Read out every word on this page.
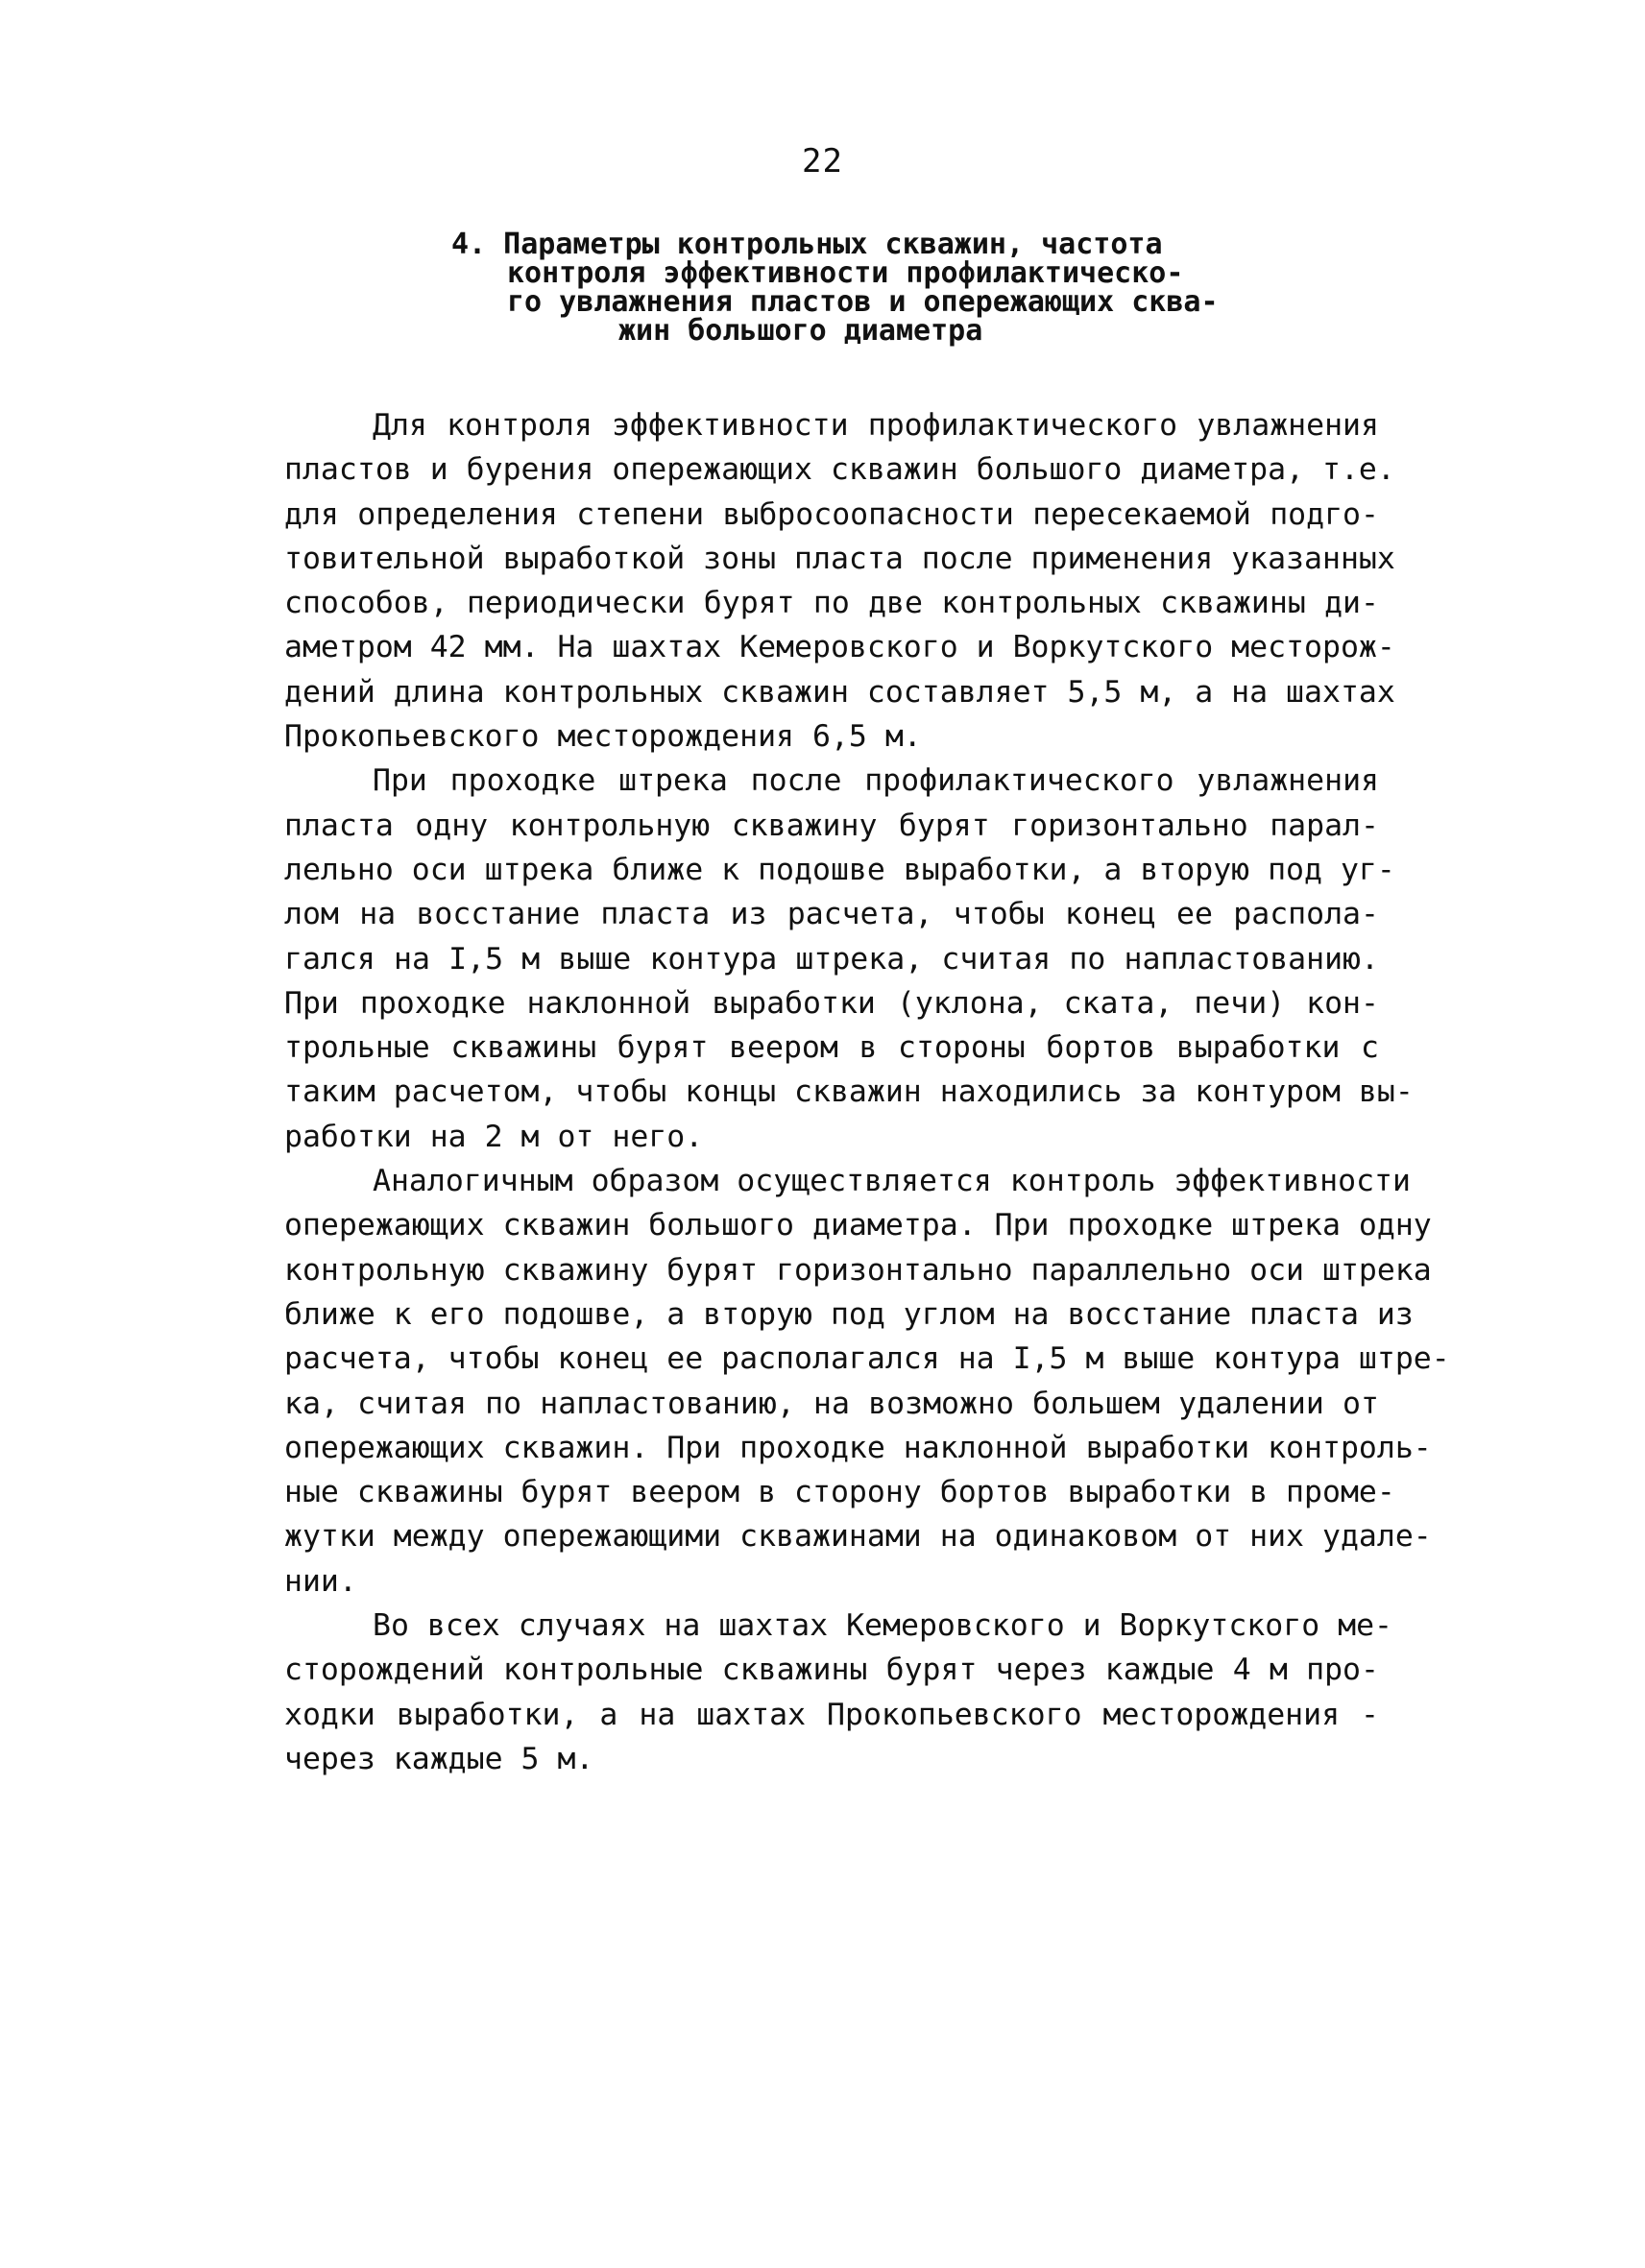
22
4. Параметры контрольных скважин, частота
контроля эффективности профилактическо-
го увлажнения пластов и опережающих сква-
жин большого диаметра
Для контроля эффективности профилактического увлажнения
пластов и бурения опережающих скважин большого диаметра, т.е.
для определения степени выбросоопасности пересекаемой подго-
товительной выработкой зоны пласта после применения указанных
способов, периодически бурят по две контрольных скважины ди-
аметром 42 мм. На шахтах Кемеровского и Воркутского месторож-
дений длина контрольных скважин составляет 5,5 м, а на шахтах
Прокопьевского месторождения 6,5 м.
При проходке штрека после профилактического увлажнения
пласта одну контрольную скважину бурят горизонтально парал-
лельно оси штрека ближе к подошве выработки, а вторую под уг-
лом на восстание пласта из расчета, чтобы конец ее распола-
гался на I,5 м выше контура штрека, считая по напластованию.
При проходке наклонной выработки (уклона, ската, печи) кон-
трольные скважины бурят веером в стороны бортов выработки с
таким расчетом, чтобы концы скважин находились за контуром вы-
работки на 2 м от него.
Аналогичным образом осуществляется контроль эффективности
опережающих скважин большого диаметра. При проходке штрека одну
контрольную скважину бурят горизонтально параллельно оси штрека
ближе к его подошве, а вторую под углом на восстание пласта из
расчета, чтобы конец ее располагался на I,5 м выше контура штре-
ка, считая по напластованию, на возможно большем удалении от
опережающих скважин. При проходке наклонной выработки контроль-
ные скважины бурят веером в сторону бортов выработки в проме-
жутки между опережающими скважинами на одинаковом от них удале-
нии.
Во всех случаях на шахтах Кемеровского и Воркутского ме-
сторождений контрольные скважины бурят через каждые 4 м про-
ходки выработки, а на шахтах Прокопьевского месторождения -
через каждые 5 м.
